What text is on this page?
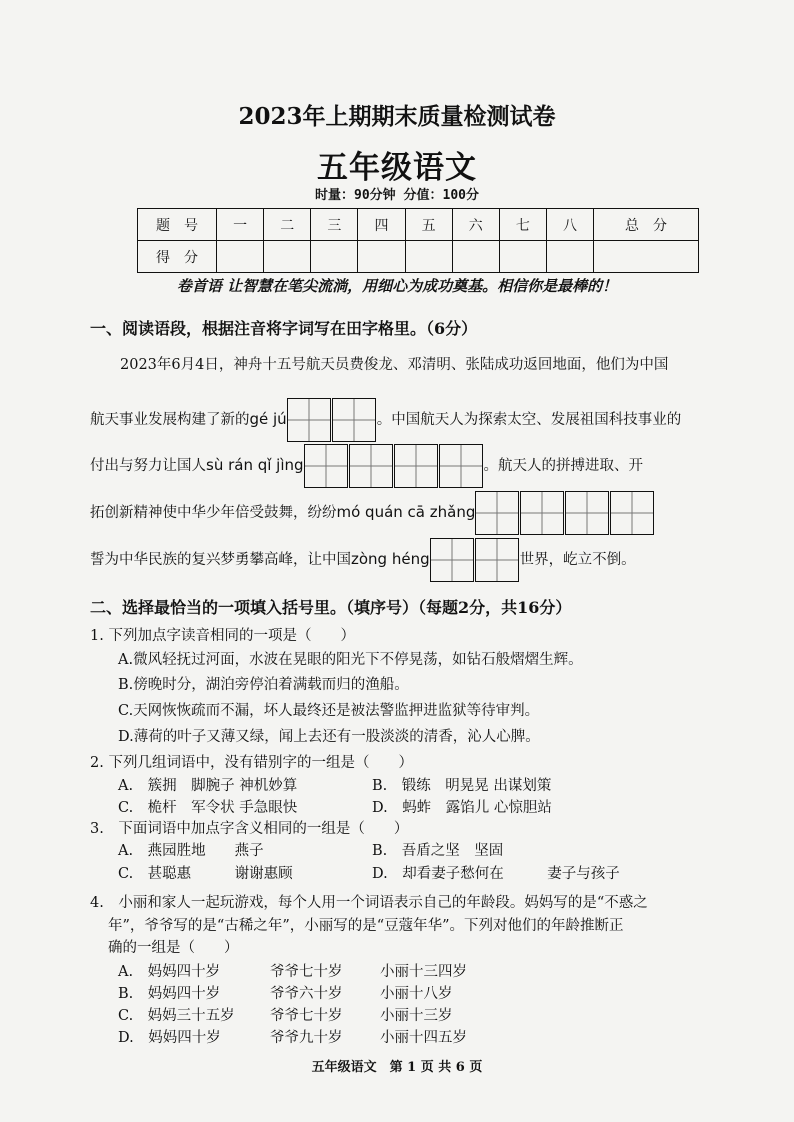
2023年上期期末质量检测试卷
五年级语文
时量：90分钟 分值：100分
题　号	一	二	三	四	五	六	七	八	总　分
得　分									
卷首语 让智慧在笔尖流淌，用细心为成功奠基。相信你是最棒的！
一、阅读语段，根据注音将字词写在田字格里。（6分）
2023年6月4日，神舟十五号航天员费俊龙、邓清明、张陆成功返回地面，他们为中国
航天事业发展构建了新的gé jú	。中国航天人为探索太空、发展祖国科技事业的
付出与努力让国人sù rán qǐ jìng	。航天人的拼搏进取、开
拓创新精神使中华少年倍受鼓舞，纷纷mó quán cā zhǎng
誓为中华民族的复兴梦勇攀高峰，让中国zòng héng	世界，屹立不倒。
二、选择最恰当的一项填入括号里。（填序号）（每题2分，共16分）
1. 下列加点字读音相同的一项是（　　）
A.微风轻抚过河面，水波在晃眼的阳光下不停晃荡，如钻石般熠熠生辉。
B.傍晚时分，湖泊旁停泊着满载而归的渔船。
C.天网恢恢疏而不漏，坏人最终还是被法警监押进监狱等待审判。
D.薄荷的叶子又薄又绿，闻上去还有一股淡淡的清香，沁人心脾。
2. 下列几组词语中，没有错别字的一组是（　　）
A.　簇拥　脚腕子 神机妙算	B.　锻练　明晃晃 出谋划策
C.　桅杆　军令状 手急眼快	D.　蚂蚱　露馅儿 心惊胆站
3.　下面词语中加点字含义相同的一组是（　　）
A.　燕园胜地　　燕子	B.　吾盾之坚　坚固
C.　甚聪惠　　　谢谢惠顾	D.　却看妻子愁何在　　　妻子与孩子
4.　小丽和家人一起玩游戏，每个人用一个词语表示自己的年龄段。妈妈写的是“不惑之
年”，爷爷写的是“古稀之年”，小丽写的是“豆蔻年华”。下列对他们的年龄推断正
确的一组是（　　）
A.　妈妈四十岁	爷爷七十岁	小丽十三四岁
B.　妈妈四十岁	爷爷六十岁	小丽十八岁
C.　妈妈三十五岁 爷爷七十岁	小丽十三岁
D.　妈妈四十岁	爷爷九十岁	小丽十四五岁
五年级语文　第 1 页 共 6 页
